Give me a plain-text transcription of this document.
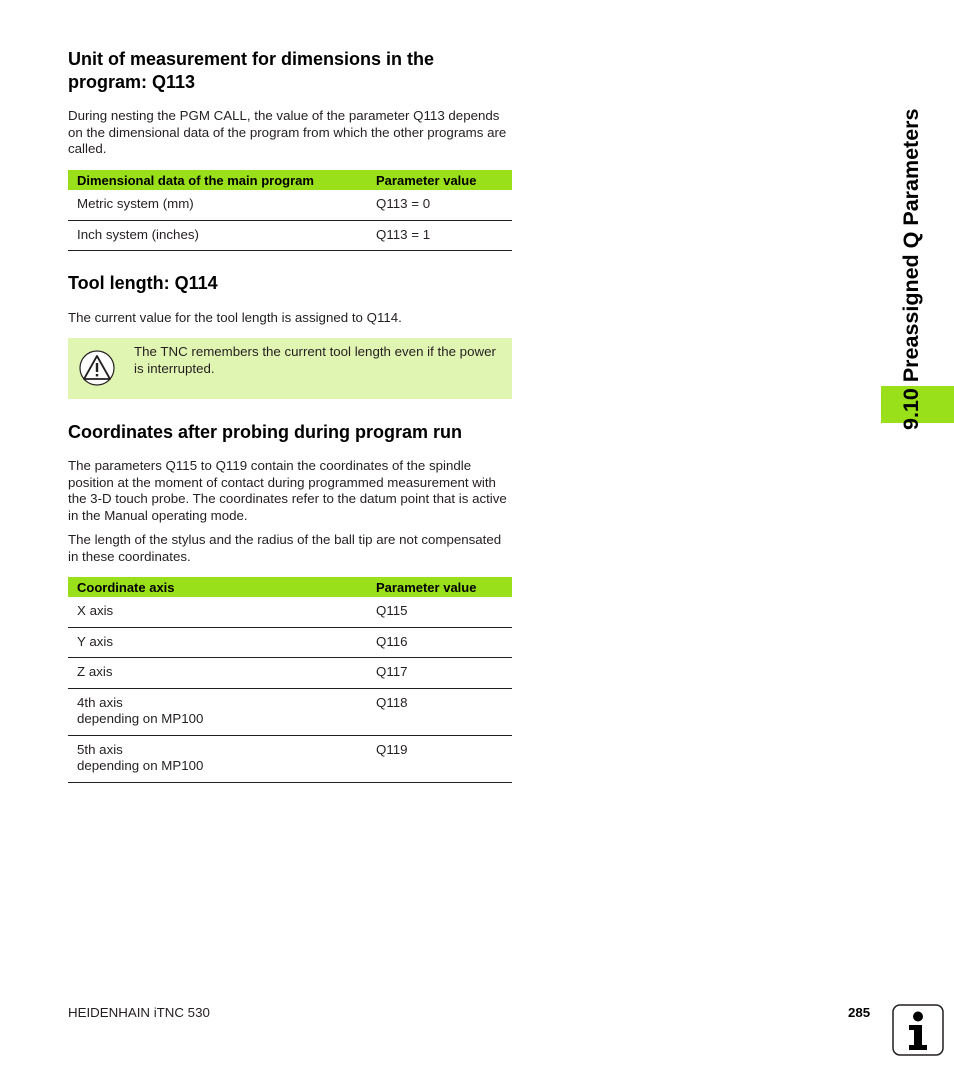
Unit of measurement for dimensions in the program: Q113
During nesting the PGM CALL, the value of the parameter Q113 depends on the dimensional data of the program from which the other programs are called.
Dimensional data of the main program	Parameter value
Metric system (mm)	Q113 = 0
Inch system (inches)	Q113 = 1
Tool length: Q114
The current value for the tool length is assigned to Q114.
The TNC remembers the current tool length even if the power is interrupted.
Coordinates after probing during program run
The parameters Q115 to Q119 contain the coordinates of the spindle position at the moment of contact during programmed measurement with the 3-D touch probe. The coordinates refer to the datum point that is active in the Manual operating mode.
The length of the stylus and the radius of the ball tip are not compensated in these coordinates.
Coordinate axis	Parameter value
X axis	Q115
Y axis	Q116
Z axis	Q117

4th axis
depending on MP100	Q118

5th axis
depending on MP100	Q119
9.10 Preassigned Q Parameters
HEIDENHAIN iTNC 530	285
